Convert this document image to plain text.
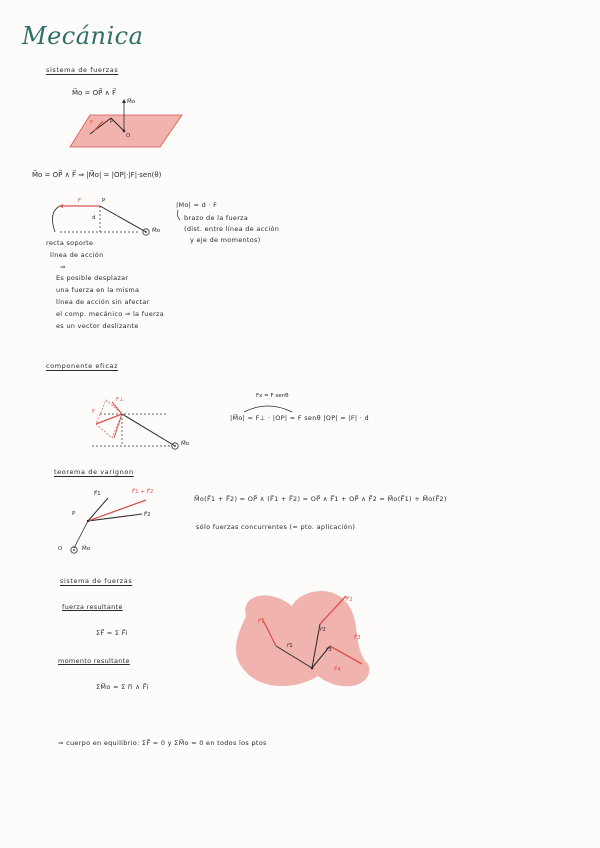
Mecánica
sistema de fuerzas
M⃗o = OP⃗ ∧ F⃗
F	P
O
M⃗o
M⃗o = OP⃗ ∧ F⃗ ⇒ |M⃗o| = |OP|·|F|·sen(θ)
F	P
d
M⃗o
|Mo| = d · F
brazo de la fuerza
(dist. entre línea de acción
y eje de momentos)
recta soporte
línea de acción
⇒
Es posible desplazar
una fuerza en la misma
línea de acción sin afectar
el comp. mecánico ⇒ la fuerza
es un vector deslizante
componente eficaz
F
F⊥
M⃗o
Fx = F senθ
|M⃗o| = F⊥ · |OP| = F senθ |OP| = |F| · d
teorema de varignon
F⃗1
F⃗2
F⃗1 + F⃗2
P
O	M⃗o
M⃗o(F⃗1 + F⃗2) = OP⃗ ∧ (F⃗1 + F⃗2) = OP⃗ ∧ F⃗1 + OP⃗ ∧ F⃗2 = M⃗o(F⃗1) + M⃗o(F⃗2)
sólo fuerzas concurrentes (= pto. aplicación)
sistema de fuerzas
fuerza resultante
ΣF⃗ = Σ F⃗i
momento resultante
ΣM⃗o = Σ r⃗i ∧ F⃗i
F⃗1
F⃗2
F⃗3
F⃗4
r⃗1
r⃗2
r⃗3
⇒ cuerpo en equilibrio: ΣF⃗ = 0 y ΣM⃗o = 0 en todos los ptos
